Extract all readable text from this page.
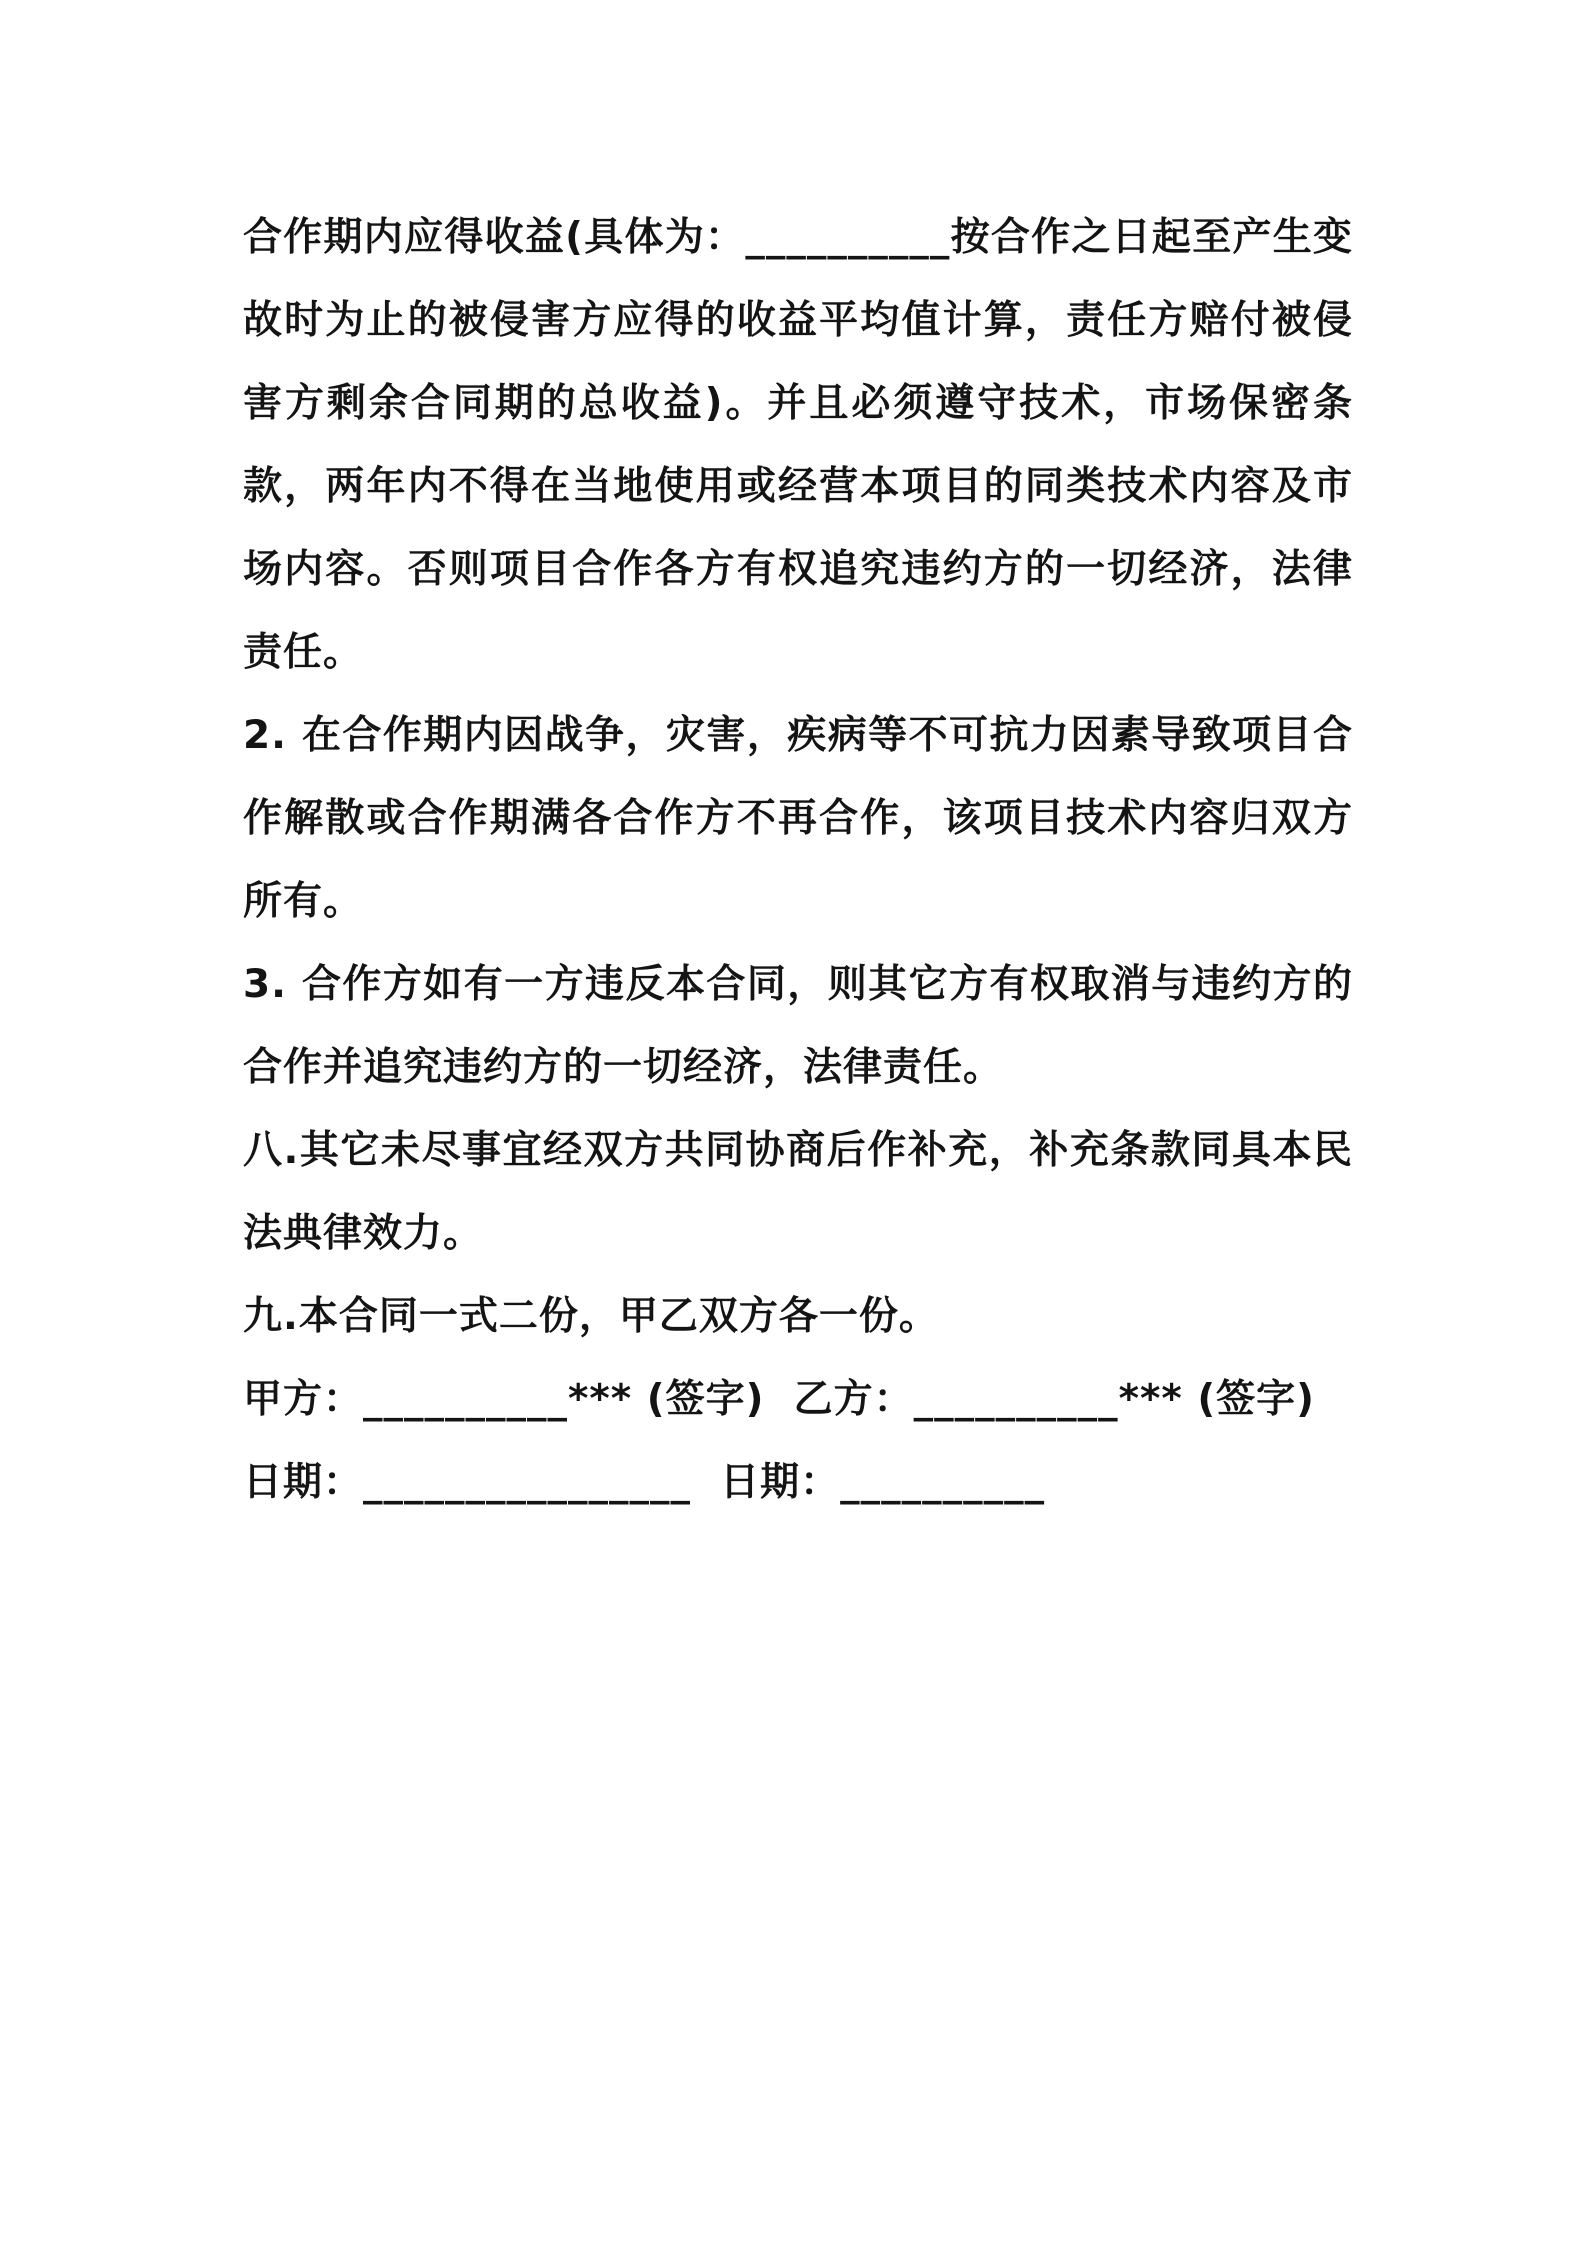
合作期内应得收益(具体为：__________按合作之日起至产生变故时为止的被侵害方应得的收益平均值计算，责任方赔付被侵害方剩余合同期的总收益)。并且必须遵守技术，市场保密条款，两年内不得在当地使用或经营本项目的同类技术内容及市场内容。否则项目合作各方有权追究违约方的一切经济，法律责任。

2. 在合作期内因战争，灾害，疾病等不可抗力因素导致项目合作解散或合作期满各合作方不再合作，该项目技术内容归双方所有。

3. 合作方如有一方违反本合同，则其它方有权取消与违约方的合作并追究违约方的一切经济，法律责任。

八.其它未尽事宜经双方共同协商后作补充，补充条款同具本民法典律效力。

九.本合同一式二份，甲乙双方各一份。

甲方：__________*** (签字)  乙方：__________*** (签字)

日期：________________  日期：__________
